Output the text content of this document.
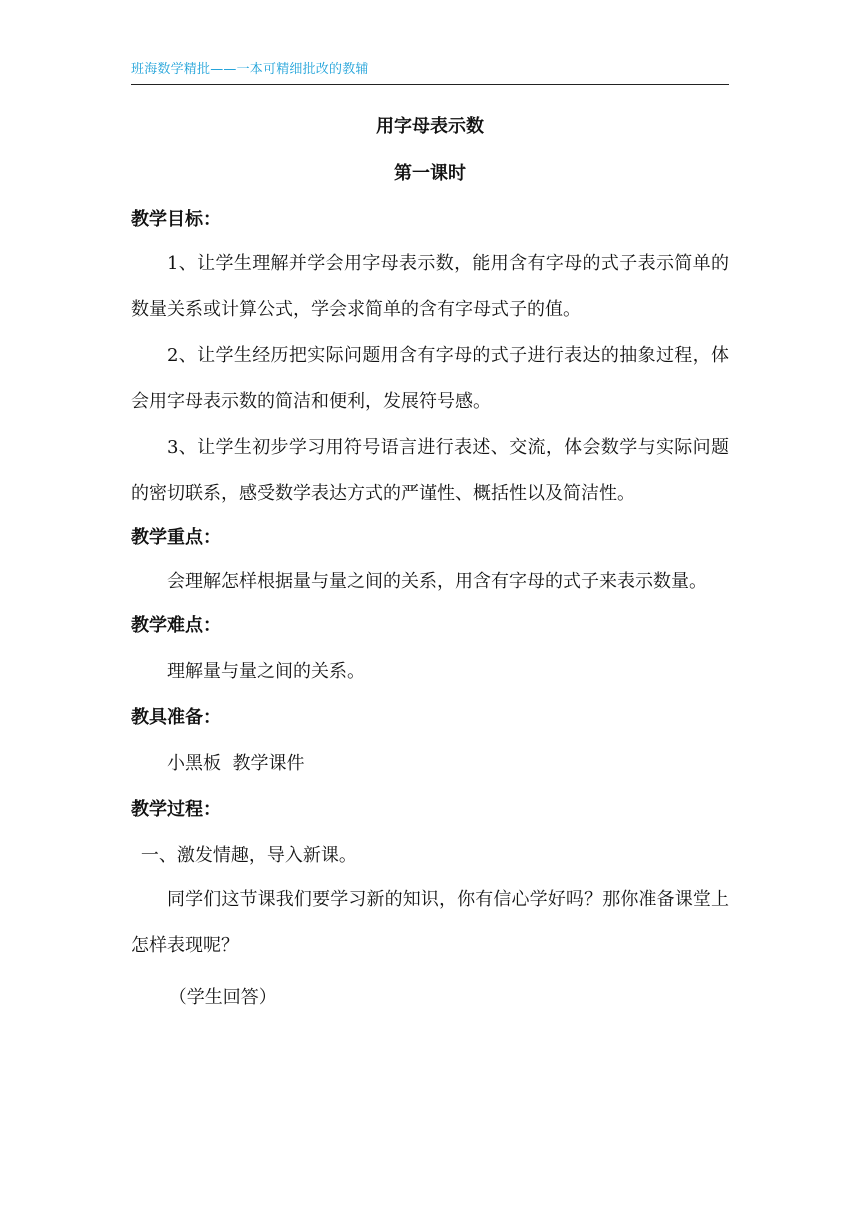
班海数学精批——一本可精细批改的教辅

用字母表示数

第一课时

教学目标：

1、让学生理解并学会用字母表示数，能用含有字母的式子表示简单的数量关系或计算公式，学会求简单的含有字母式子的值。

2、让学生经历把实际问题用含有字母的式子进行表达的抽象过程，体会用字母表示数的简洁和便利，发展符号感。

3、让学生初步学习用符号语言进行表述、交流，体会数学与实际问题的密切联系，感受数学表达方式的严谨性、概括性以及简洁性。

教学重点：

会理解怎样根据量与量之间的关系，用含有字母的式子来表示数量。

教学难点：

理解量与量之间的关系。

教具准备：

小黑板  教学课件

教学过程：

一、激发情趣，导入新课。

同学们这节课我们要学习新的知识，你有信心学好吗？那你准备课堂上怎样表现呢？

（学生回答）
